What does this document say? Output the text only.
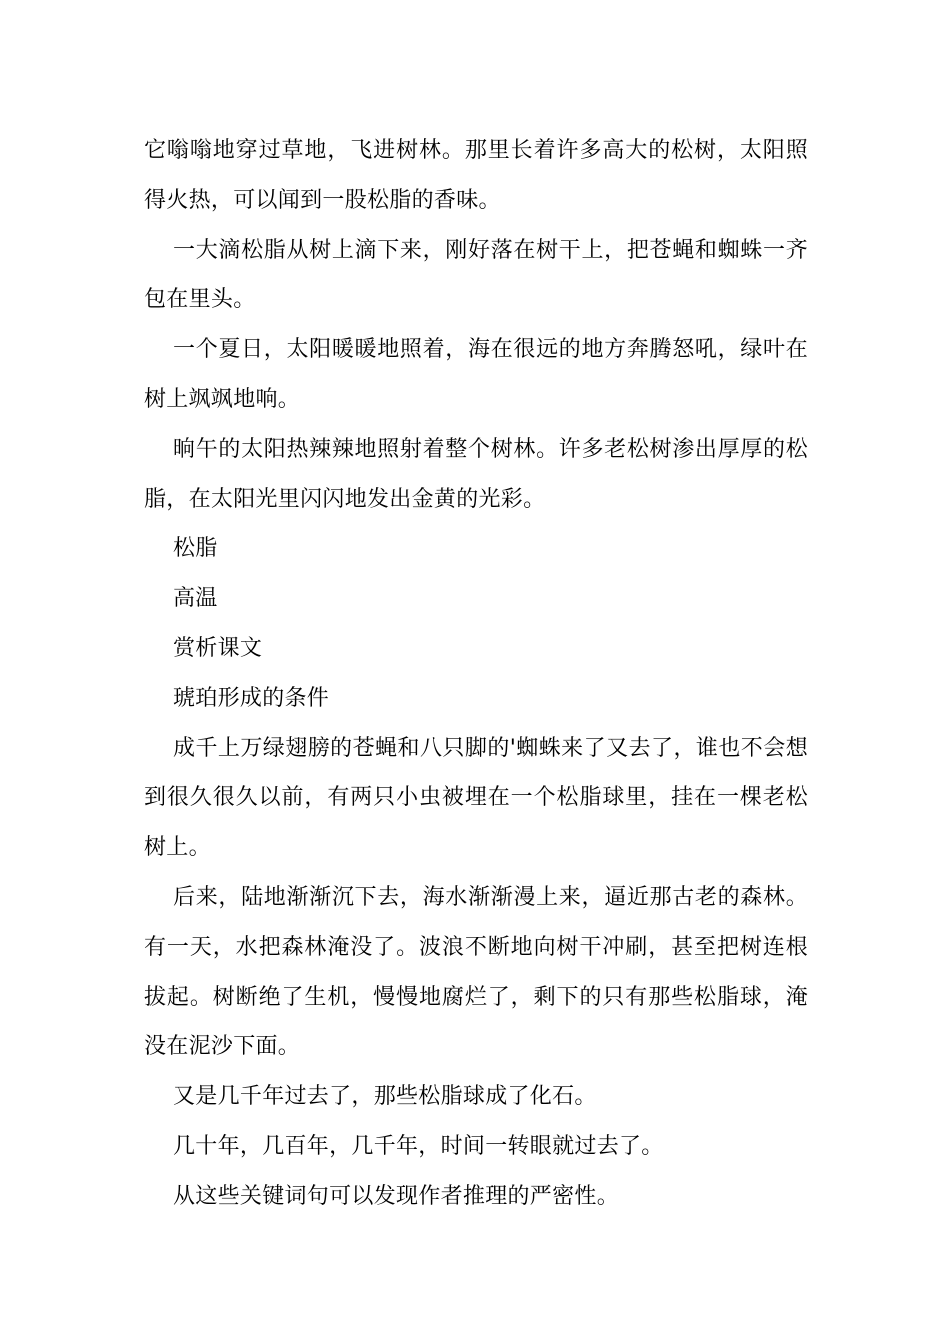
它嗡嗡地穿过草地，飞进树林。那里长着许多高大的松树，太阳照得火热，可以闻到一股松脂的香味。

一大滴松脂从树上滴下来，刚好落在树干上，把苍蝇和蜘蛛一齐包在里头。

一个夏日，太阳暖暖地照着，海在很远的地方奔腾怒吼，绿叶在树上飒飒地响。

晌午的太阳热辣辣地照射着整个树林。许多老松树渗出厚厚的松脂，在太阳光里闪闪地发出金黄的光彩。

松脂

高温

赏析课文

琥珀形成的条件

成千上万绿翅膀的苍蝇和八只脚的'蜘蛛来了又去了，谁也不会想到很久很久以前，有两只小虫被埋在一个松脂球里，挂在一棵老松树上。

后来，陆地渐渐沉下去，海水渐渐漫上来，逼近那古老的森林。有一天，水把森林淹没了。波浪不断地向树干冲刷，甚至把树连根拔起。树断绝了生机，慢慢地腐烂了，剩下的只有那些松脂球，淹没在泥沙下面。

又是几千年过去了，那些松脂球成了化石。

几十年，几百年，几千年，时间一转眼就过去了。

从这些关键词句可以发现作者推理的严密性。
